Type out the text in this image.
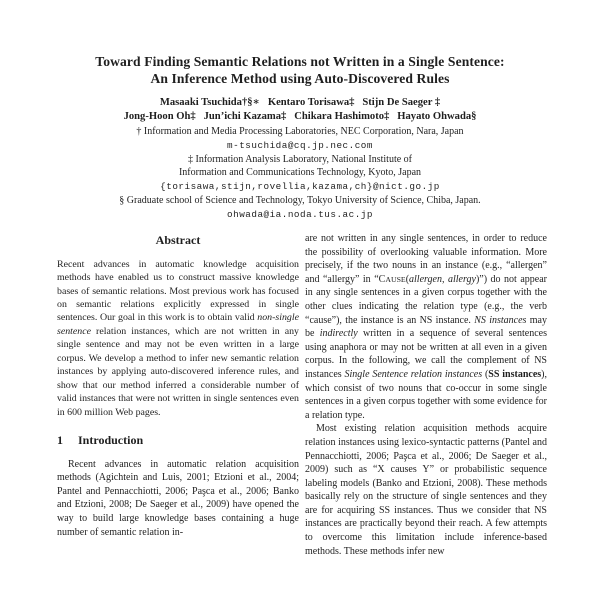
Toward Finding Semantic Relations not Written in a Single Sentence:
An Inference Method using Auto-Discovered Rules
Masaaki Tsuchida†§∗   Kentaro Torisawa‡   Stijn De Saeger ‡
Jong-Hoon Oh‡   Jun’ichi Kazama‡   Chikara Hashimoto‡   Hayato Ohwada§
† Information and Media Processing Laboratories, NEC Corporation, Nara, Japan
m-tsuchida@cq.jp.nec.com
‡ Information Analysis Laboratory, National Institute of
Information and Communications Technology, Kyoto, Japan
{torisawa,stijn,rovellia,kazama,ch}@nict.go.jp
§ Graduate school of Science and Technology, Tokyo University of Science, Chiba, Japan.
ohwada@ia.noda.tus.ac.jp
Abstract

Recent advances in automatic knowledge acquisition methods have enabled us to construct massive knowledge bases of semantic relations. Most previous work has focused on semantic relations explicitly expressed in single sentences. Our goal in this work is to obtain valid non-single sentence relation instances, which are not written in any single sentence and may not be even written in a large corpus. We develop a method to infer new semantic relation instances by applying auto-discovered inference rules, and show that our method inferred a considerable number of valid instances that were not written in single sentences even in 600 million Web pages.

1 Introduction

Recent advances in automatic relation acquisition methods (Agichtein and Luis, 2001; Etzioni et al., 2004; Pantel and Pennacchiotti, 2006; Paşca et al., 2006; Banko and Etzioni, 2008; De Saeger et al., 2009) have opened the way to build large knowledge bases containing a huge number of semantic relation in-

are not written in any single sentences, in order to reduce the possibility of overlooking valuable information. More precisely, if the two nouns in an instance (e.g., “allergen” and “allergy” in “CAUSE(allergen, allergy)”) do not appear in any single sentences in a given corpus together with the other clues indicating the relation type (e.g., the verb “cause”), the instance is an NS instance. NS instances may be indirectly written in a sequence of several sentences using anaphora or may not be written at all even in a given corpus. In the following, we call the complement of NS instances Single Sentence relation instances (SS instances), which consist of two nouns that co-occur in some single sentences in a given corpus together with some evidence for a relation type.

Most existing relation acquisition methods acquire relation instances using lexico-syntactic patterns (Pantel and Pennacchiotti, 2006; Paşca et al., 2006; De Saeger et al., 2009) such as “X causes Y” or probabilistic sequence labeling models (Banko and Etzioni, 2008). These methods basically rely on the structure of single sentences and they are for acquiring SS instances. Thus we consider that NS instances are practically beyond their reach. A few attempts to overcome this limitation include inference-based methods. These methods infer new
